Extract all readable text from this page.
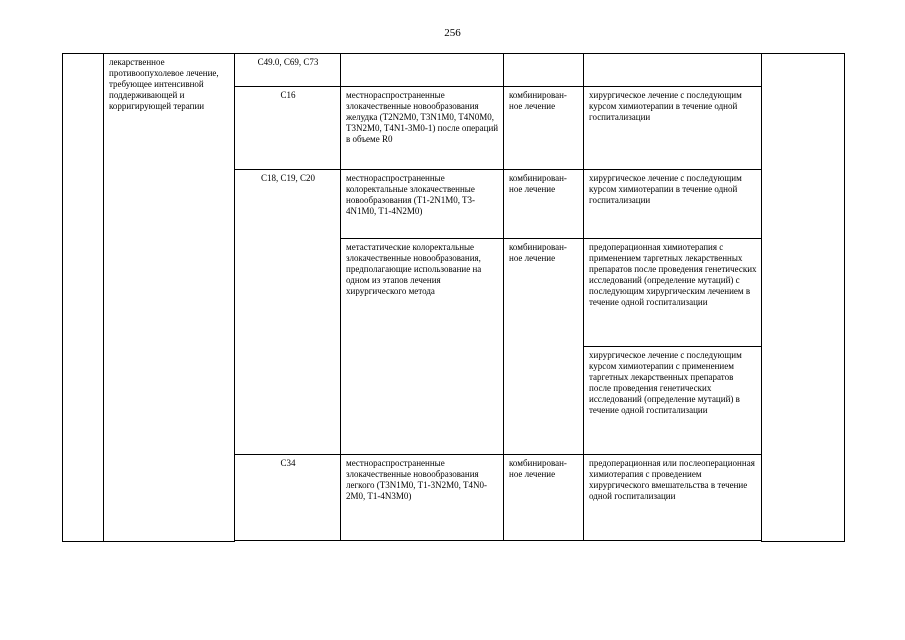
256
	лекарственное противоопухолевое лечение, требующее интенсивной поддерживающей и корригирующей терапии	C49.0, C69, C73				
		C16	местнораспространенные злокачественные новообразования желудка (T2N2M0, T3N1M0, T4N0M0, T3N2M0, T4N1-3M0-1) после операций в объеме R0	комбинирован-ное лечение	хирургическое лечение с последующим курсом химиотерапии в течение одной госпитализации	
		C18, C19, C20	местнораспространенные колоректальные злокачественные новообразования (T1-2N1M0, T3-4N1M0, T1-4N2M0)	комбинирован-ное лечение	хирургическое лечение с последующим курсом химиотерапии в течение одной госпитализации	
			метастатические колоректальные злокачественные новообразования, предполагающие использование на одном из этапов лечения хирургического метода	комбинирован-ное лечение	предоперационная химиотерапия с применением таргетных лекарственных препаратов после проведения генетических исследований (определение мутаций) с последующим хирургическим лечением в течение одной госпитализации	
					хирургическое лечение с последующим курсом химиотерапии с применением таргетных лекарственных препаратов после проведения генетических исследований (определение мутаций) в течение одной госпитализации	
		C34	местнораспространенные злокачественные новообразования легкого (T3N1M0, T1-3N2M0, T4N0-2M0, T1-4N3M0)	комбинирован-ное лечение	предоперационная или послеоперационная химиотерапия с проведением хирургического вмешательства в течение одной госпитализации	
